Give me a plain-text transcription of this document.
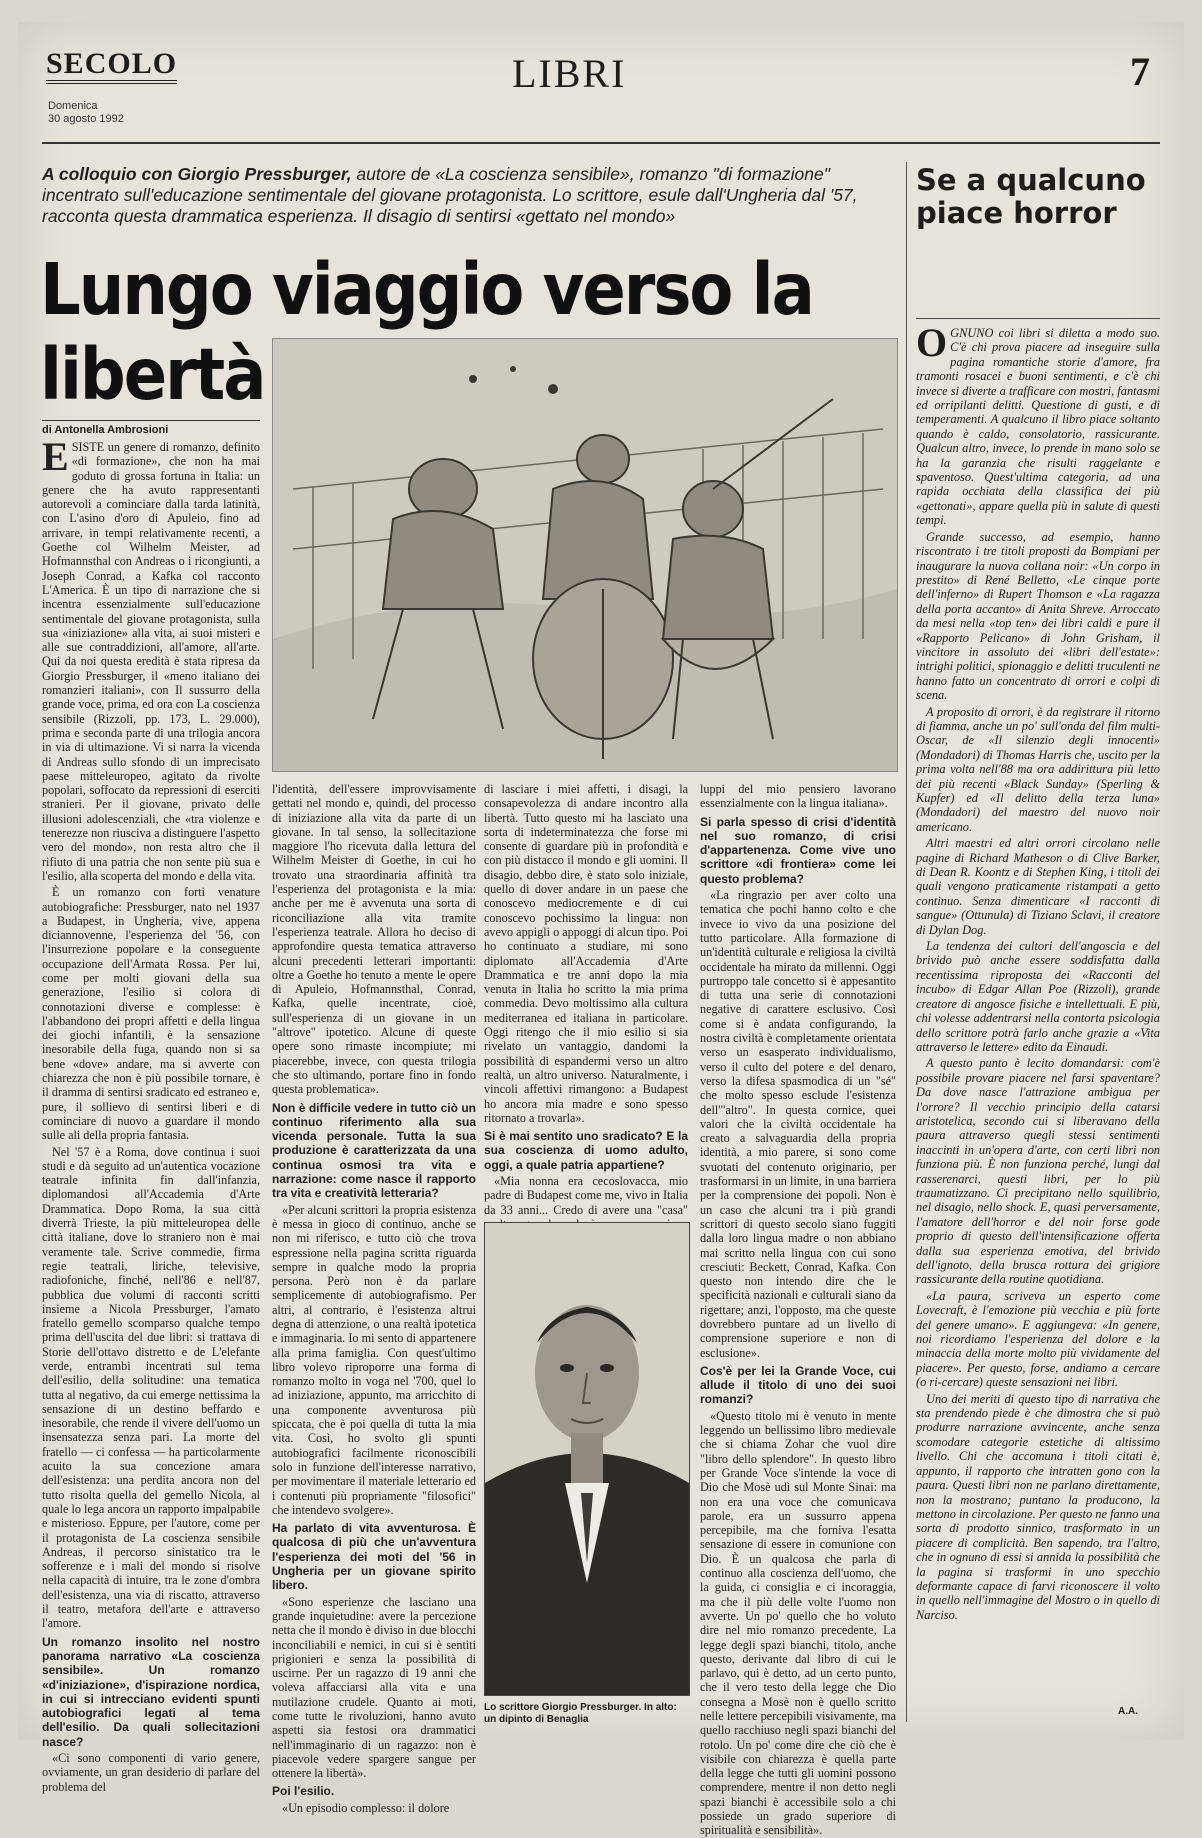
SECOLO
Domenica
30 agosto 1992
LIBRI	7
A colloquio con Giorgio Pressburger, autore de «La coscienza sensibile», romanzo "di formazione" incentrato sull'educazione sentimentale del giovane protagonista. Lo scrittore, esule dall'Ungheria dal '57, racconta questa drammatica esperienza. Il disagio di sentirsi «gettato nel mondo»
Lungo viaggio verso la libertà
di Antonella Ambrosioni

ESISTE un genere di romanzo, definito «di formazione», che non ha mai goduto di grossa fortuna in Italia: un genere che ha avuto rappresentanti autorevoli a cominciare dalla tarda latinità, con L'asino d'oro di Apuleio, fino ad arrivare, in tempi relativamente recenti, a Goethe col Wilhelm Meister, ad Hofmannsthal con Andreas o i ricongiunti, a Joseph Conrad, a Kafka col racconto L'America. È un tipo di narrazione che si incentra essenzialmente sull'educazione sentimentale del giovane protagonista, sulla sua «iniziazione» alla vita, ai suoi misteri e alle sue contraddizioni, all'amore, all'arte. Qui da noi questa eredità è stata ripresa da Giorgio Pressburger, il «meno italiano dei romanzieri italiani», con Il sussurro della grande voce, prima, ed ora con La coscienza sensibile (Rizzoli, pp. 173, L. 29.000), prima e seconda parte di una trilogia ancora in via di ultimazione. Vi si narra la vicenda di Andreas sullo sfondo di un imprecisato paese mitteleuropeo, agitato da rivolte popolari, soffocato da repressioni di eserciti stranieri. Per il giovane, privato delle illusioni adolescenziali, che «tra violenze e tenerezze non riusciva a distinguere l'aspetto vero del mondo», non resta altro che il rifiuto di una patria che non sente più sua e l'esilio, alla scoperta del mondo e della vita.

È un romanzo con forti venature autobiografiche: Pressburger, nato nel 1937 a Budapest, in Ungheria, vive, appena diciannovenne, l'esperienza del '56, con l'insurrezione popolare e la conseguente occupazione dell'Armata Rossa. Per lui, come per molti giovani della sua generazione, l'esilio si colora di connotazioni diverse e complesse: è l'abbandono dei propri affetti e della lingua dei giochi infantili, è la sensazione inesorabile della fuga, quando non si sa bene «dove» andare, ma si avverte con chiarezza che non è più possibile tornare, è il dramma di sentirsi sradicato ed estraneo e, pure, il sollievo di sentirsi liberi e di cominciare di nuovo a guardare il mondo sulle ali della propria fantasia.

Nel '57 è a Roma, dove continua i suoi studi e dà seguito ad un'autentica vocazione teatrale infinita fin dall'infanzia, diplomandosi all'Accademia d'Arte Drammatica. Dopo Roma, la sua città diverrà Trieste, la più mitteleuropea delle città italiane, dove lo straniero non è mai veramente tale. Scrive commedie, firma regie teatrali, liriche, televisive, radiofoniche, finché, nell'86 e nell'87, pubblica due volumi di racconti scritti insieme a Nicola Pressburger, l'amato fratello gemello scomparso qualche tempo prima dell'uscita del due libri: si trattava di Storie dell'ottavo distretto e de L'elefante verde, entrambi incentrati sul tema dell'esilio, della solitudine: una tematica tutta al negativo, da cui emerge nettissima la sensazione di un destino beffardo e inesorabile, che rende il vivere dell'uomo un insensatezza senza pari. La morte del fratello — ci confessa — ha particolarmente acuito la sua concezione amara dell'esistenza: una perdita ancora non del tutto risolta quella del gemello Nicola, al quale lo lega ancora un rapporto impalpabile e misterioso. Eppure, per l'autore, come per il protagonista de La coscienza sensibile Andreas, il percorso sinistatico tra le sofferenze e i mali del mondo si risolve nella capacità di intuire, tra le zone d'ombra dell'esistenza, una via di riscatto, attraverso il teatro, metafora dell'arte e attraverso l'amore.

Un romanzo insolito nel nostro panorama narrativo «La coscienza sensibile». Un romanzo «d'iniziazione», d'ispirazione nordica, in cui si intrecciano evidenti spunti autobiografici legati al tema dell'esilio. Da quali sollecitazioni nasce?

«Ci sono componenti di vario genere, ovviamente, un gran desiderio di parlare del problema del

l'identità, dell'essere improvvisamente gettati nel mondo e, quindi, del processo di iniziazione alla vita da parte di un giovane. In tal senso, la sollecitazione maggiore l'ho ricevuta dalla lettura del Wilhelm Meister di Goethe, in cui ho trovato una straordinaria affinità tra l'esperienza del protagonista e la mia: anche per me è avvenuta una sorta di riconciliazione alla vita tramite l'esperienza teatrale. Allora ho deciso di approfondire questa tematica attraverso alcuni precedenti letterari importanti: oltre a Goethe ho tenuto a mente le opere di Apuleio, Hofmannsthal, Conrad, Kafka, quelle incentrate, cioè, sull'esperienza di un giovane in un "altrove" ipotetico. Alcune di queste opere sono rimaste incompiute; mi piacerebbe, invece, con questa trilogia che sto ultimando, portare fino in fondo questa problematica».

Non è difficile vedere in tutto ciò un continuo riferimento alla sua vicenda personale. Tutta la sua produzione è caratterizzata da una continua osmosi tra vita e narrazione: come nasce il rapporto tra vita e creatività letteraria?

«Per alcuni scrittori la propria esistenza è messa in gioco di continuo, anche se non mi riferisco, e tutto ciò che trova espressione nella pagina scritta riguarda sempre in qualche modo la propria persona. Però non è da parlare semplicemente di autobiografismo. Per altri, al contrario, è l'esistenza altrui degna di attenzione, o una realtà ipotetica e immaginaria. Io mi sento di appartenere alla prima famiglia. Con quest'ultimo libro volevo riproporre una forma di romanzo molto in voga nel '700, quel lo ad iniziazione, appunto, ma arricchito di una componente avventurosa più spiccata, che è poi quella di tutta la mia vita. Così, ho svolto gli spunti autobiografici facilmente riconoscibili solo in funzione dell'interesse narrativo, per movimentare il materiale letterario ed i contenuti più propriamente "filosofici" che intendevo svolgere».

Ha parlato di vita avventurosa. È qualcosa di più che un'avventura l'esperienza dei moti del '56 in Ungheria per un giovane spirito libero.

«Sono esperienze che lasciano una grande inquietudine: avere la percezione netta che il mondo è diviso in due blocchi inconciliabili e nemici, in cui si è sentiti prigionieri e senza la possibilità di uscirne. Per un ragazzo di 19 anni che voleva affacciarsi alla vita e una mutilazione crudele. Quanto ai moti, come tutte le rivoluzioni, hanno avuto aspetti sia festosi ora drammatici nell'immaginario di un ragazzo: non è piacevole vedere spargere sangue per ottenere la libertà».

Poi l'esilio.

«Un episodio complesso: il dolore

di lasciare i miei affetti, i disagi, la consapevolezza di andare incontro alla libertà. Tutto questo mi ha lasciato una sorta di indeterminatezza che forse mi consente di guardare più in profondità e con più distacco il mondo e gli uomini. Il disagio, debbo dire, è stato solo iniziale, quello di dover andare in un paese che conoscevo mediocremente e di cui conoscevo pochissimo la lingua: non avevo appigli o appoggi di alcun tipo. Poi ho continuato a studiare, mi sono diplomato all'Accademia d'Arte Drammatica e tre anni dopo la mia venuta in Italia ho scritto la mia prima commedia. Devo moltissimo alla cultura mediterranea ed italiana in particolare. Oggi ritengo che il mio esilio si sia rivelato un vantaggio, dandomi la possibilità di espandermi verso un altro realtà, un altro universo. Naturalmente, i vincoli affettivi rimangono: a Budapest ho ancora mia madre e sono spesso ritornato a trovarla».

Si è mai sentito uno sradicato? E la sua coscienza di uomo adulto, oggi, a quale patria appartiene?

«Mia nonna era cecoslovacca, mio padre di Budapest come me, vivo in Italia da 33 anni... Credo di avere una "casa"

Lo scrittore Giorgio Pressburger. In alto: un dipinto di Benaglia

luppi del mio pensiero lavorano essenzialmente con la lingua italiana».

Si parla spesso di crisi d'identità nel suo romanzo, di crisi d'appartenenza. Come vive uno scrittore «di frontiera» come lei questo problema?

«La ringrazio per aver colto una tematica che pochi hanno colto e che invece io vivo da una posizione del tutto particolare. Alla formazione di un'identità culturale e religiosa la civiltà occidentale ha mirato da millenni. Oggi purtroppo tale concetto si è appesantito di tutta una serie di connotazioni negative di carattere esclusivo. Così come si è andata configurando, la nostra civiltà è completamente orientata verso un esasperato individualismo, verso il culto del potere e del denaro, verso la difesa spasmodica di un "sé" che molto spesso esclude l'esistenza dell'"altro". In questa cornice, quei valori che la civiltà occidentale ha creato a salvaguardia della propria identità, a mio parere, si sono come svuotati del contenuto originario, per trasformarsi in un limite, in una barriera per la comprensione dei popoli. Non è un caso che alcuni tra i più grandi scrittori di questo secolo siano fuggiti dalla loro lingua madre o non abbiano mai scritto nella lingua con cui sono cresciuti: Beckett, Conrad, Kafka. Con questo non intendo dire che le specificità nazionali e culturali siano da rigettare; anzi, l'opposto, ma che queste dovrebbero puntare ad un livello di comprensione superiore e non di esclusione».

Cos'è per lei la Grande Voce, cui allude il titolo di uno dei suoi romanzi?

«Questo titolo mi è venuto in mente leggendo un bellissimo libro medievale che si chiama Zohar che vuol dire "libro dello splendore". In questo libro per Grande Voce s'intende la voce di Dio che Mosè udì sul Monte Sinai: ma non era una voce che comunicava parole, era un sussurro appena percepibile, ma che forniva l'esatta sensazione di essere in comunione con Dio. È un qualcosa che parla di continuo alla coscienza dell'uomo, che la guida, ci consiglia e ci incoraggia, ma che il più delle volte l'uomo non avverte. Un po' quello che ho voluto dire nel mio romanzo precedente, La legge degli spazi bianchi, titolo, anche questo, derivante dal libro di cui le parlavo, qui è detto, ad un certo punto, che il vero testo della legge che Dio consegna a Mosè non è quello scritto nelle lettere percepibili visivamente, ma quello racchiuso negli spazi bianchi del rotolo. Un po' come dire che ciò che è visibile con chiarezza è quella parte della legge che tutti gli uomini possono comprendere, mentre il non detto negli spazi bianchi è accessibile solo a chi possiede un grado superiore di spiritualità e sensibilità».

Se a qualcuno piace horror

OGNUNO coi libri si diletta a modo suo. C'è chi prova piacere ad inseguire sulla pagina romantiche storie d'amore, fra tramonti rosacei e buoni sentimenti, e c'è chi invece si diverte a trafficare con mostri, fantasmi ed orripilanti delitti. Questione di gusti, e di temperamenti. A qualcuno il libro piace soltanto quando è caldo, consolatorio, rassicurante. Qualcun altro, invece, lo prende in mano solo se ha la garanzia che risulti raggelante e spaventoso. Quest'ultima categoria, ad una rapida occhiata della classifica dei più «gettonati», appare quella più in salute di questi tempi.

Grande successo, ad esempio, hanno riscontrato i tre titoli proposti da Bompiani per inaugurare la nuova collana noir: «Un corpo in prestito» di René Belletto, «Le cinque porte dell'inferno» di Rupert Thomson e «La ragazza della porta accanto» di Anita Shreve. Arroccato da mesi nella «top ten» dei libri caldi e pure il «Rapporto Pelicano» di John Grisham, il vincitore in assoluto dei «libri dell'estate»: intrighi politici, spionaggio e delitti truculenti ne hanno fatto un concentrato di orrori e colpi di scena.

A proposito di orrori, è da registrare il ritorno di fiamma, anche un po' sull'onda del film multi-Oscar, de «Il silenzio degli innocenti» (Mondadori) di Thomas Harris che, uscito per la prima volta nell'88 ma ora addirittura più letto dei più recenti «Black Sunday» (Sperling & Kupfer) ed «Il delitto della terza luna» (Mondadori) del maestro del nuovo noir americano.

Altri maestri ed altri orrori circolano nelle pagine di Richard Matheson o di Clive Barker, di Dean R. Koontz e di Stephen King, i titoli dei quali vengono praticamente ristampati a getto continuo. Senza dimenticare «I racconti di sangue» (Ottunula) di Tiziano Sclavi, il creatore di Dylan Dog.

La tendenza dei cultori dell'angoscia e del brivido può anche essere soddisfatta dalla recentissima riproposta dei «Racconti del incubo» di Edgar Allan Poe (Rizzoli), grande creatore di angosce fisiche e intellettuali. E più, chi volesse addentrarsi nella contorta psicologia dello scrittore potrà farlo anche grazie a «Vita attraverso le lettere» edito da Einaudi.

A questo punto è lecito domandarsi: com'è possibile provare piacere nel farsi spaventare? Da dove nasce l'attrazione ambigua per l'orrore? Il vecchio principio della catarsi aristotelica, secondo cui si liberavano della paura attraverso quegli stessi sentimenti inaccinti in un'opera d'arte, con certi libri non funziona più. È non funziona perché, lungi dal rasserenarci, questi libri, per lo più traumatizzano. Ci precipitano nello squilibrio, nel disagio, nello shock. E, quasi perversamente, l'amatore dell'horror e del noir forse gode proprio di questo dell'intensificazione offerta dalla sua esperienza emotiva, del brivido dell'ignoto, della brusca rottura dei grigiore rassicurante della routine quotidiana.

«La paura, scriveva un esperto come Lovecraft, è l'emozione più vecchia e più forte del genere umano». E aggiungeva: «In genere, noi ricordiamo l'esperienza del dolore e la minaccia della morte molto più vividamente del piacere». Per questo, forse, andiamo a cercare (o ri-cercare) queste sensazioni nei libri.

Uno dei meriti di questo tipo di narrativa che sta prendendo piede è che dimostra che si può produrre narrazione avvincente, anche senza scomodare categorie estetiche di altissimo livello. Chi che accomuna i titoli citati è, appunto, il rapporto che intratten gono con la paura. Questi libri non ne parlano direttamente, non la mostrano; puntano la producono, la mettono in circolazione. Per questo ne fanno una sorta di prodotto sinnico, trasformato in un piacere di complicità. Ben sapendo, tra l'altro, che in ognuno di essi si annida la possibilità che la pagina si trasformi in uno specchio deformante capace di farvi riconoscere il volto in quello nell'immagine del Mostro o in quello di Narciso.

A.A.
